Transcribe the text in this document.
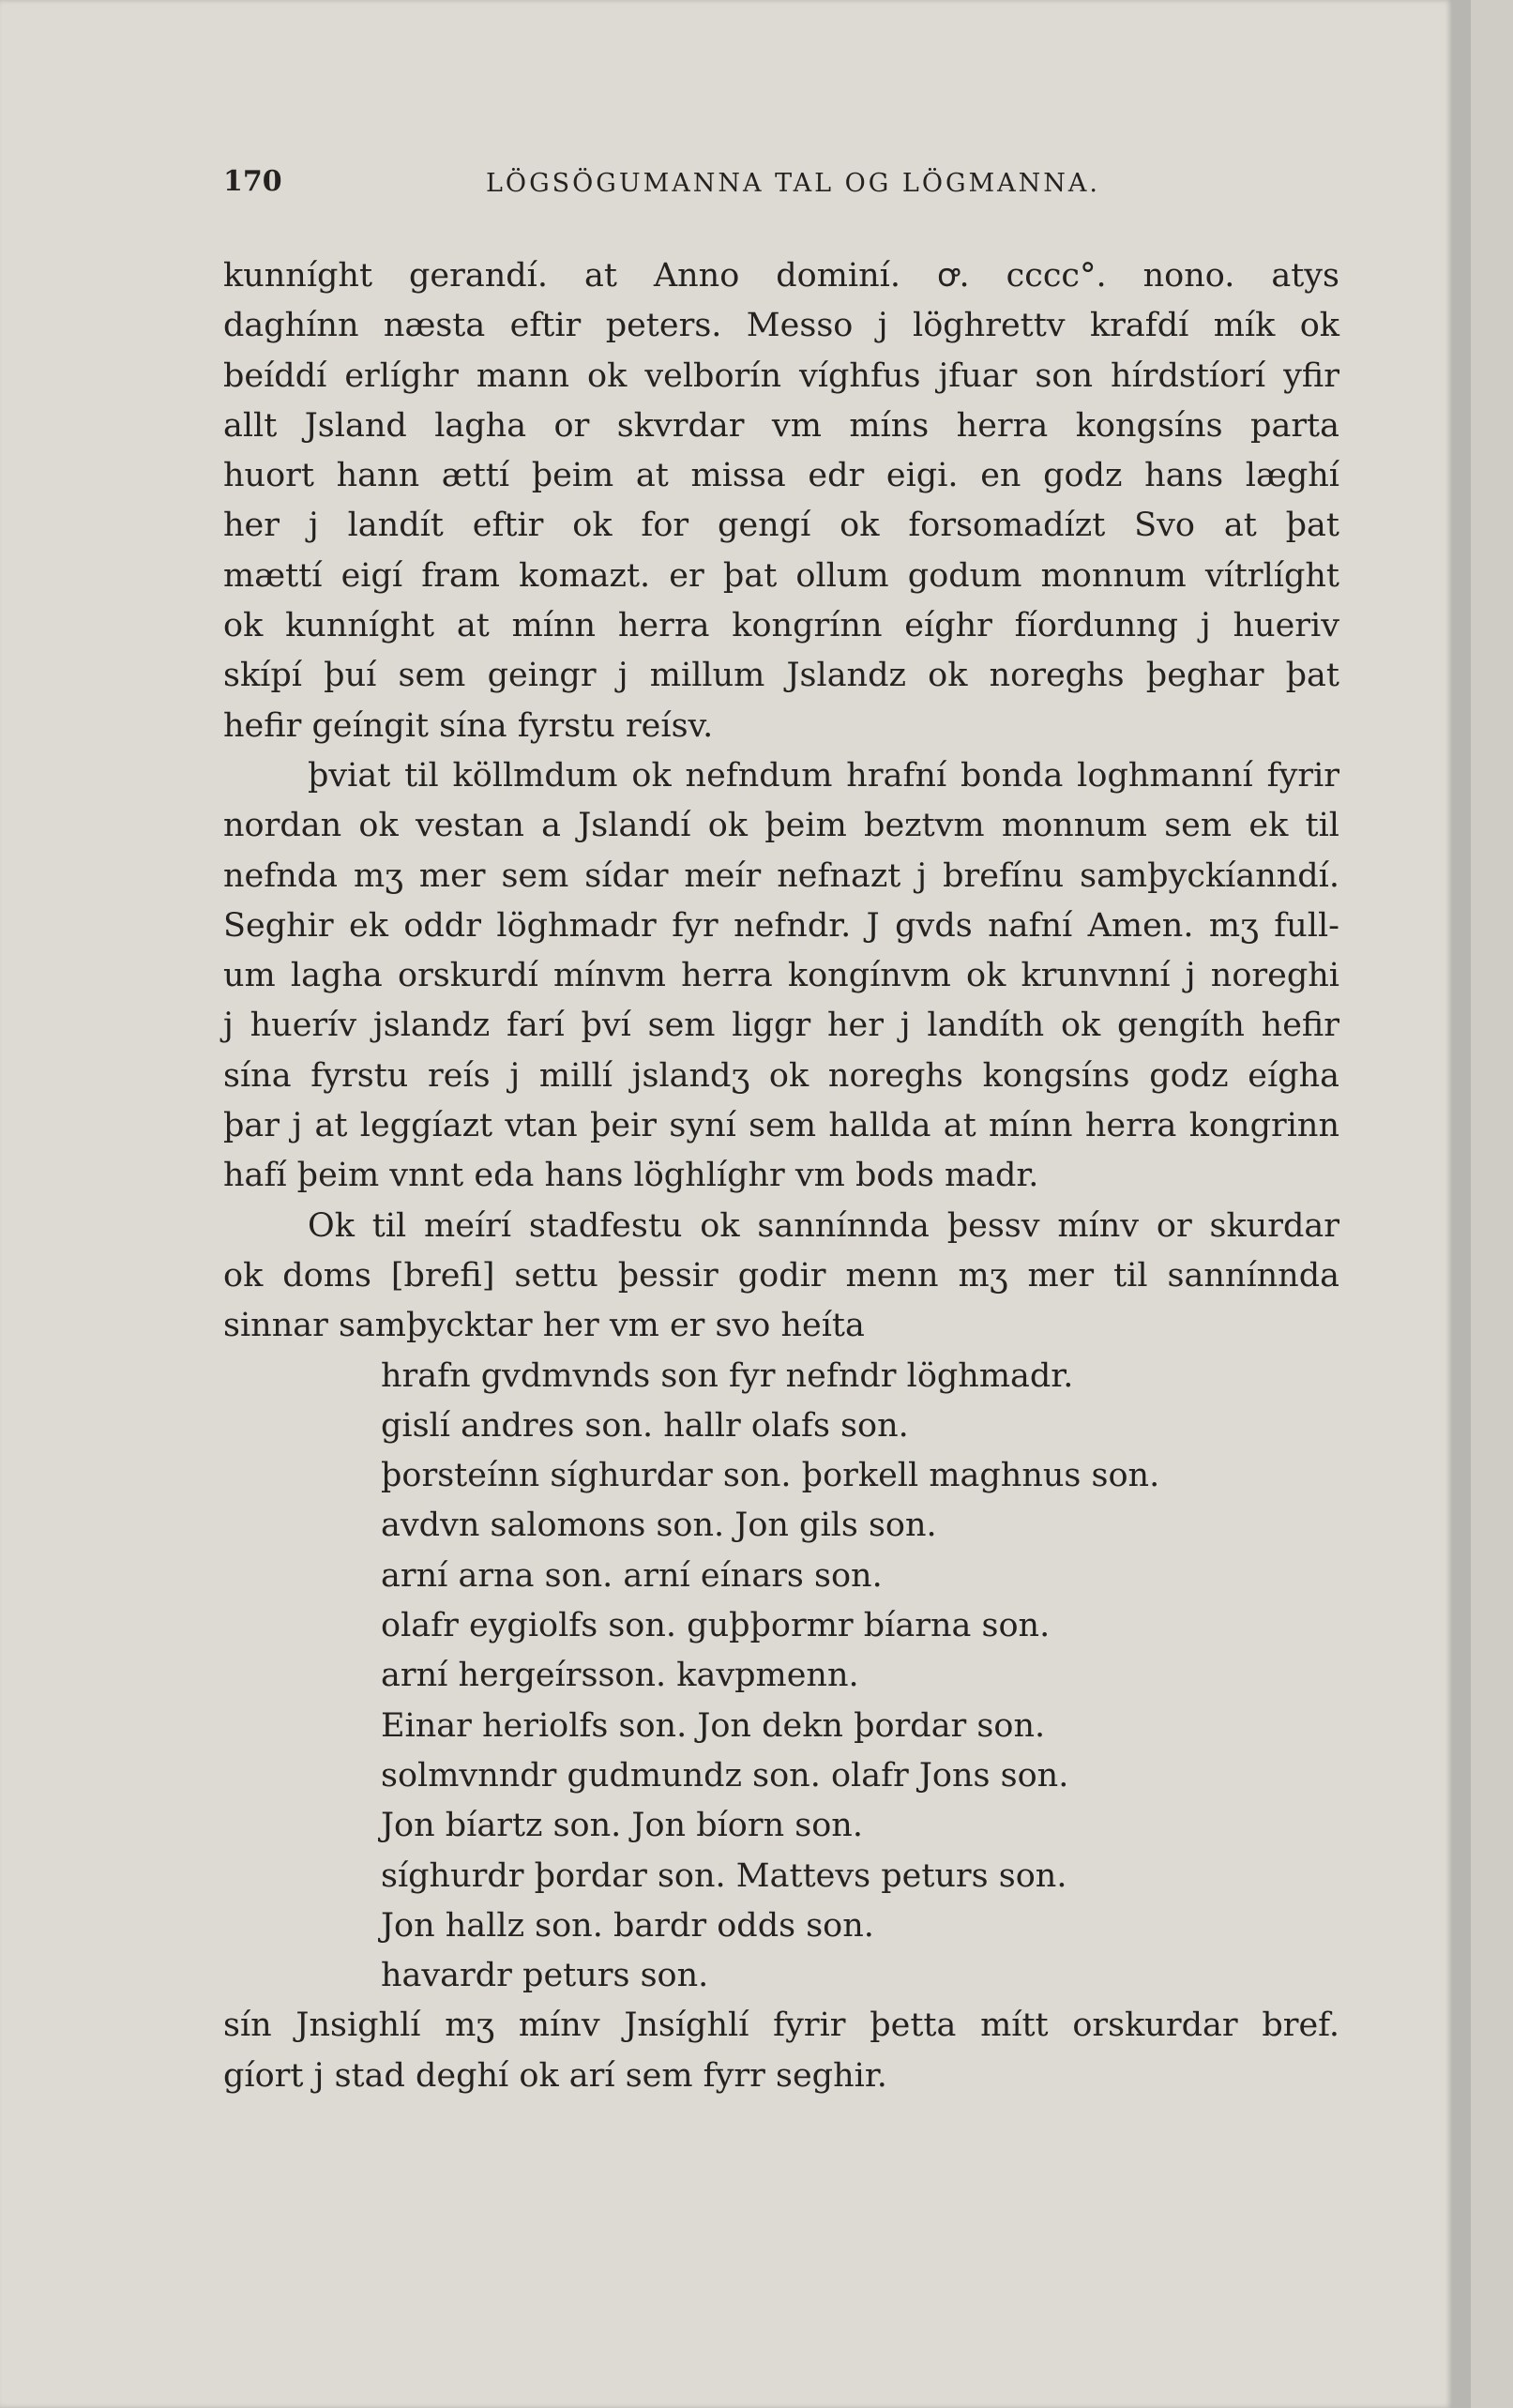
170	LÖGSÖGUMANNA TAL OG LÖGMANNA.
kunníght gerandí. at Anno dominí. ꝍ. cccc°. nono. atys
daghínn næsta eftir peters. Messo j löghrettv krafdí mík ok
beíddí erlíghr mann ok velborín víghfus jfuar son hírdstíorí yfir
allt Jsland lagha or skvrdar vm míns herra kongsíns parta
huort hann ættí þeim at missa edr eigi. en godz hans læghí
her j landít eftir ok for gengí ok forsomadízt Svo at þat
mættí eigí fram komazt. er þat ollum godum monnum vítrlíght
ok kunníght at mínn herra kongrínn eíghr fíordunng j hueriv
skípí þuí sem geingr j millum Jslandz ok noreghs þeghar þat
hefir geíngit sína fyrstu reísv.
þviat til köllmdum ok nefndum hrafní bonda loghmanní fyrir
nordan ok vestan a Jslandí ok þeim beztvm monnum sem ek til
nefnda mʒ mer sem sídar meír nefnazt j brefínu samþyckíanndí.
Seghir ek oddr löghmadr fyr nefndr. J gvds nafní Amen. mʒ full-
um lagha orskurdí mínvm herra kongínvm ok krunvnní j noreghi
j huerív jslandz farí því sem liggr her j landíth ok gengíth hefir
sína fyrstu reís j millí jslandʒ ok noreghs kongsíns godz eígha
þar j at leggíazt vtan þeir syní sem hallda at mínn herra kongrinn
hafí þeim vnnt eda hans löghlíghr vm bods madr.
Ok til meírí stadfestu ok sannínnda þessv mínv or skurdar
ok doms [brefi] settu þessir godir menn mʒ mer til sannínnda
sinnar samþycktar her vm er svo heíta
hrafn gvdmvnds son fyr nefndr löghmadr.
gislí andres son. hallr olafs son.
þorsteínn síghurdar son. þorkell maghnus son.
avdvn salomons son. Jon gils son.
arní arna son. arní eínars son.
olafr eygiolfs son. guþþormr bíarna son.
arní hergeírsson. kavpmenn.
Einar heriolfs son. Jon dekn þordar son.
solmvnndr gudmundz son. olafr Jons son.
Jon bíartz son. Jon bíorn son.
síghurdr þordar son. Mattevs peturs son.
Jon hallz son. bardr odds son.
havardr peturs son.
sín Jnsighlí mʒ mínv Jnsíghlí fyrir þetta mítt orskurdar bref.
gíort j stad deghí ok arí sem fyrr seghir.
